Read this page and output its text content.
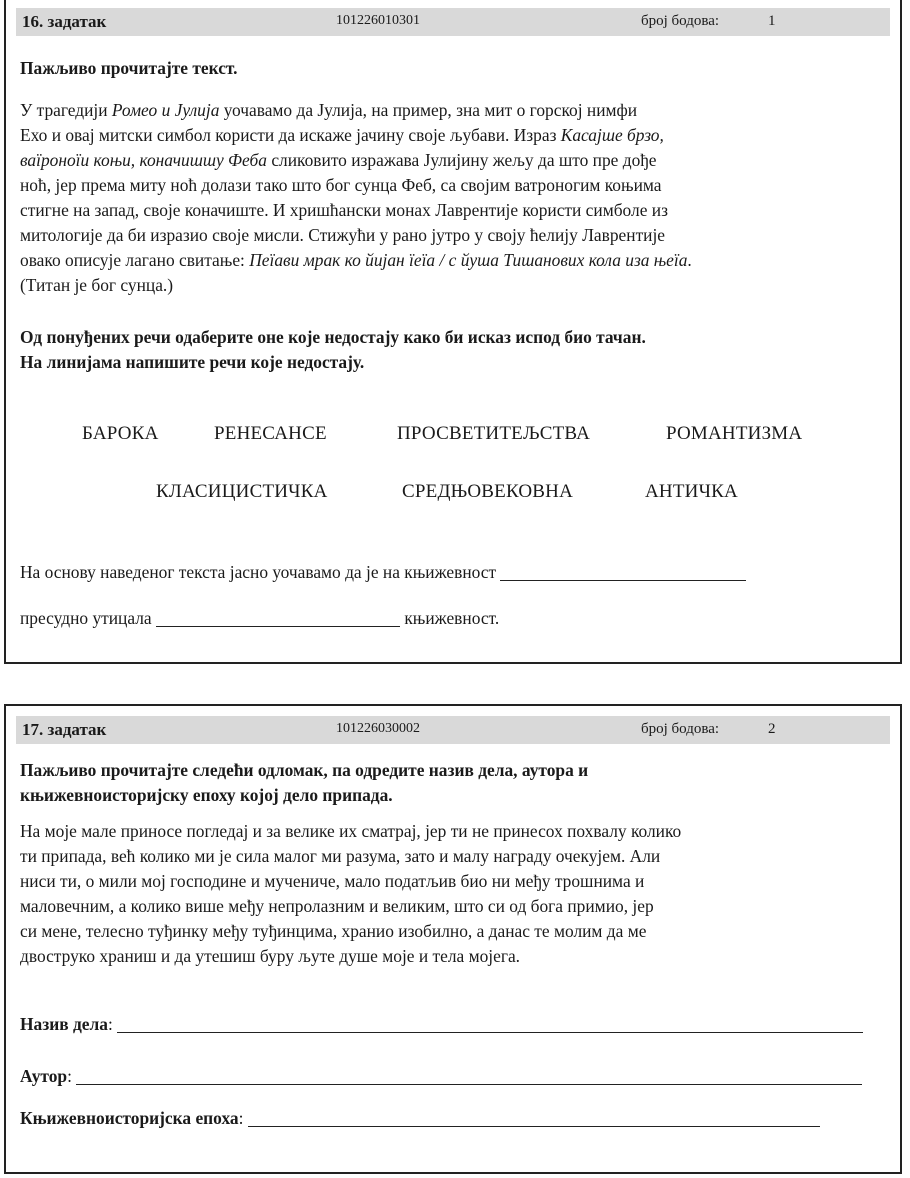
16. задатак	101226010301	број бодова:	1
Пажљиво прочитајте текст.
У трагедији Ромео и Јулија уочавамо да Јулија, на пример, зна мит о горској нимфи
Ехо и овај митски симбол користи да искаже јачину своје љубави. Израз Касајше брзо,
ваїроноїи коњи, коначишшу Феба сликовито изражава Јулијину жељу да што пре дође
ноћ, јер према миту ноћ долази тако што бог сунца Феб, са својим ватроногим коњима
стигне на запад, своје коначиште. И хришћански монах Лаврентије користи симболе из
митологије да би изразио своје мисли. Стижући у рано јутро у своју ћелију Лаврентије
овако описује лагано свитање: Пеїави мрак ко йијан їеїа / с йуша Тишанових кола иза њеїа.
(Титан је бог сунца.)
Од понуђених речи одаберите оне које недостају како би исказ испод био тачан.
На линијама напишите речи које недостају.
БАРОКА	РЕНЕСАНСЕ	ПРОСВЕТИТЕЉСТВА	РОМАНТИЗМА
КЛАСИЦИСТИЧКА	СРЕДЊОВЕКОВНА	АНТИЧКА
На основу наведеног текста јасно уочавамо да је на књижевност
пресудно утицала	књижевност.
17. задатак	101226030002	број бодова:	2
Пажљиво прочитајте следећи одломак, па одредите назив дела, аутора и
књижевноисторијску епоху којој дело припада.
На моје мале приносе погледај и за велике их сматрај, јер ти не принесох похвалу колико
ти припада, већ колико ми је сила малог ми разума, зато и малу награду очекујем. Али
ниси ти, о мили мој господине и мучениче, мало податљив био ни међу трошнима и
маловечним, а колико више међу непролазним и великим, што си од бога примио, јер
си мене, телесно туђинку међу туђинцима, хранио изобилно, а данас те молим да ме
двоструко храниш и да утешиш буру љуте душе моје и тела мојега.
Назив дела:
Аутор:
Књижевноисторијска епоха:
